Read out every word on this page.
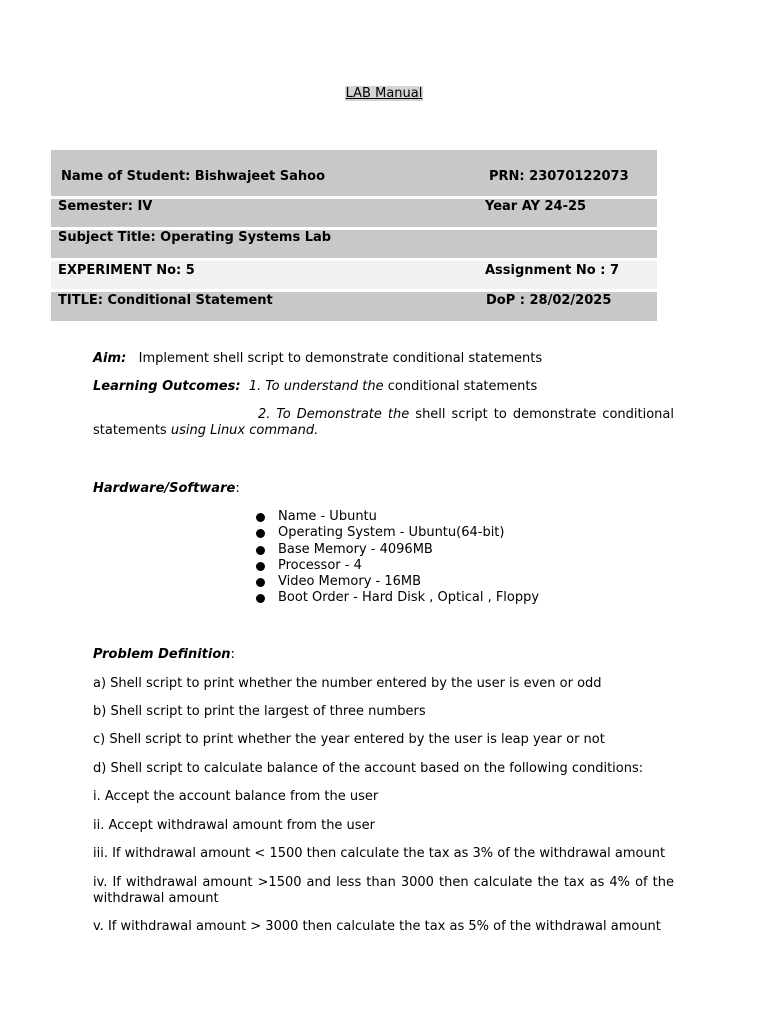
LAB Manual
Name of Student: Bishwajeet Sahoo	PRN: 23070122073
Semester: IV	Year AY 24-25
Subject Title: Operating Systems Lab
EXPERIMENT No: 5	Assignment No : 7
TITLE: Conditional Statement	DoP : 28/02/2025
Aim: Implement shell script to demonstrate conditional statements
Learning Outcomes: 1. To understand the conditional statements
2. To Demonstrate the shell script to demonstrate conditional statements using Linux command.
Hardware/Software:
Name - Ubuntu
Operating System - Ubuntu(64-bit)
Base Memory - 4096MB
Processor - 4
Video Memory - 16MB
Boot Order - Hard Disk , Optical , Floppy
Problem Definition:
a) Shell script to print whether the number entered by the user is even or odd
b) Shell script to print the largest of three numbers
c) Shell script to print whether the year entered by the user is leap year or not
d) Shell script to calculate balance of the account based on the following conditions:
i. Accept the account balance from the user
ii. Accept withdrawal amount from the user
iii. If withdrawal amount < 1500 then calculate the tax as 3% of the withdrawal amount
iv. If withdrawal amount >1500 and less than 3000 then calculate the tax as 4% of the withdrawal amount
v. If withdrawal amount > 3000 then calculate the tax as 5% of the withdrawal amount
